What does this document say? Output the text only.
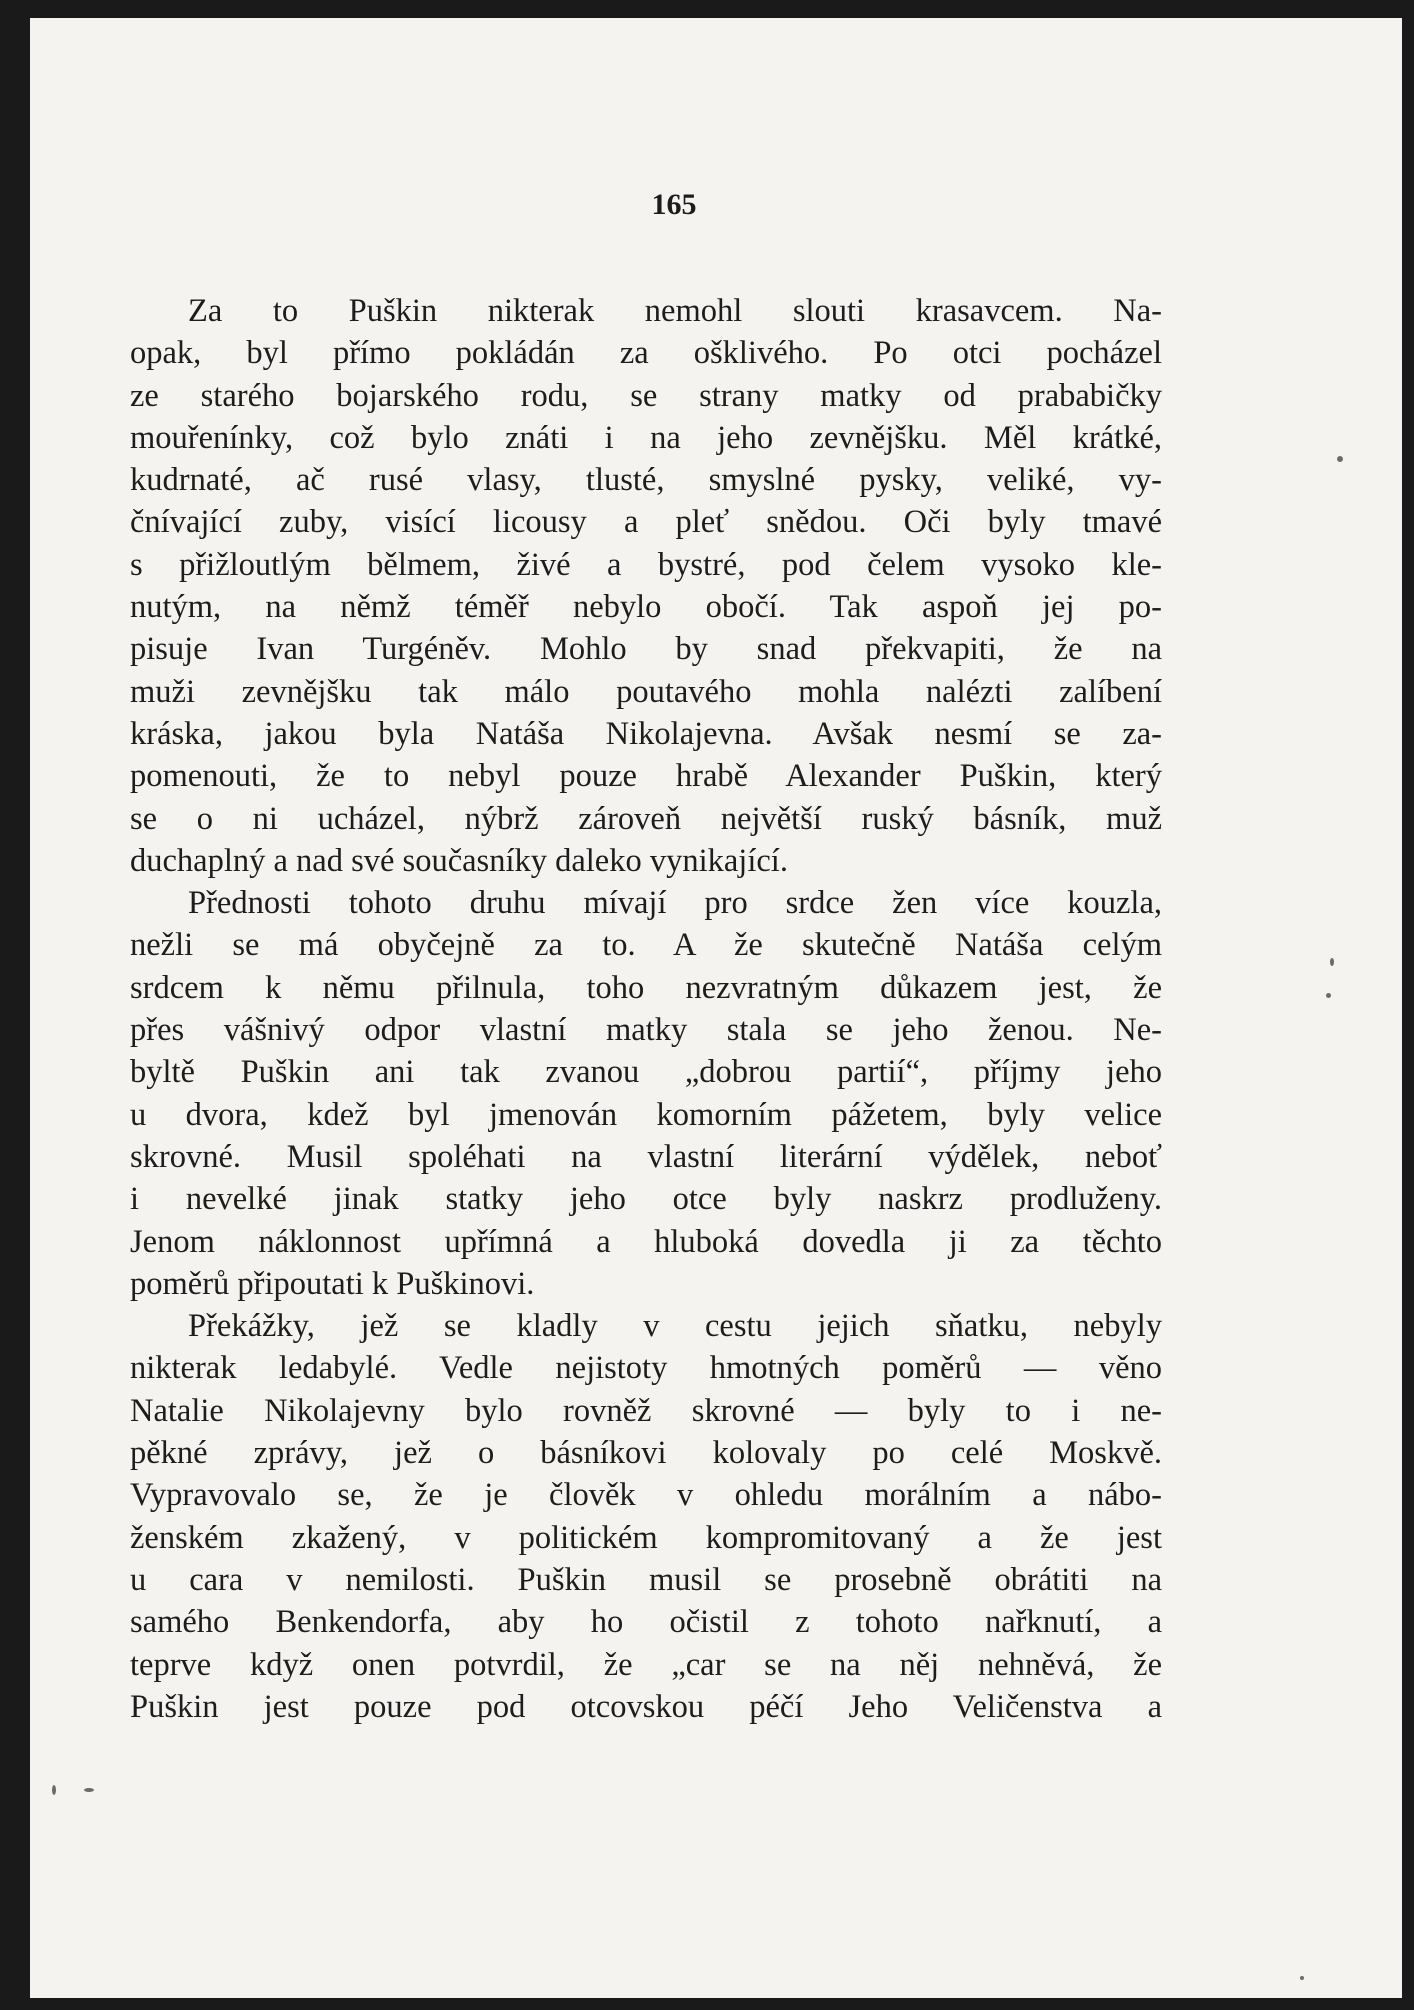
165
Za to Puškin nikterak nemohl slouti krasavcem. Na-
opak, byl přímo pokládán za ošklivého. Po otci pocházel
ze starého bojarského rodu, se strany matky od prababičky
mouřenínky, což bylo znáti i na jeho zevnějšku. Měl krátké,
kudrnaté, ač rusé vlasy, tlusté, smyslné pysky, veliké, vy-
čnívající zuby, visící licousy a pleť snědou. Oči byly tmavé
s přižloutlým bělmem, živé a bystré, pod čelem vysoko kle-
nutým, na němž téměř nebylo obočí. Tak aspoň jej po-
pisuje Ivan Turgéněv. Mohlo by snad překvapiti, že na
muži zevnějšku tak málo poutavého mohla nalézti zalíbení
kráska, jakou byla Natáša Nikolajevna. Avšak nesmí se za-
pomenouti, že to nebyl pouze hrabě Alexander Puškin, který
se o ni ucházel, nýbrž zároveň největší ruský básník, muž
duchaplný a nad své současníky daleko vynikající.
Přednosti tohoto druhu mívají pro srdce žen více kouzla,
nežli se má obyčejně za to. A že skutečně Natáša celým
srdcem k němu přilnula, toho nezvratným důkazem jest, že
přes vášnivý odpor vlastní matky stala se jeho ženou. Ne-
byltě Puškin ani tak zvanou „dobrou partií“, příjmy jeho
u dvora, kdež byl jmenován komorním pážetem, byly velice
skrovné. Musil spoléhati na vlastní literární výdělek, neboť
i nevelké jinak statky jeho otce byly naskrz prodluženy.
Jenom náklonnost upřímná a hluboká dovedla ji za těchto
poměrů připoutati k Puškinovi.
Překážky, jež se kladly v cestu jejich sňatku, nebyly
nikterak ledabylé. Vedle nejistoty hmotných poměrů — věno
Natalie Nikolajevny bylo rovněž skrovné — byly to i ne-
pěkné zprávy, jež o básníkovi kolovaly po celé Moskvě.
Vypravovalo se, že je člověk v ohledu morálním a nábo-
ženském zkažený, v politickém kompromitovaný a že jest
u cara v nemilosti. Puškin musil se prosebně obrátiti na
samého Benkendorfa, aby ho očistil z tohoto nařknutí, a
teprve když onen potvrdil, že „car se na něj nehněvá, že
Puškin jest pouze pod otcovskou péčí Jeho Veličenstva a
